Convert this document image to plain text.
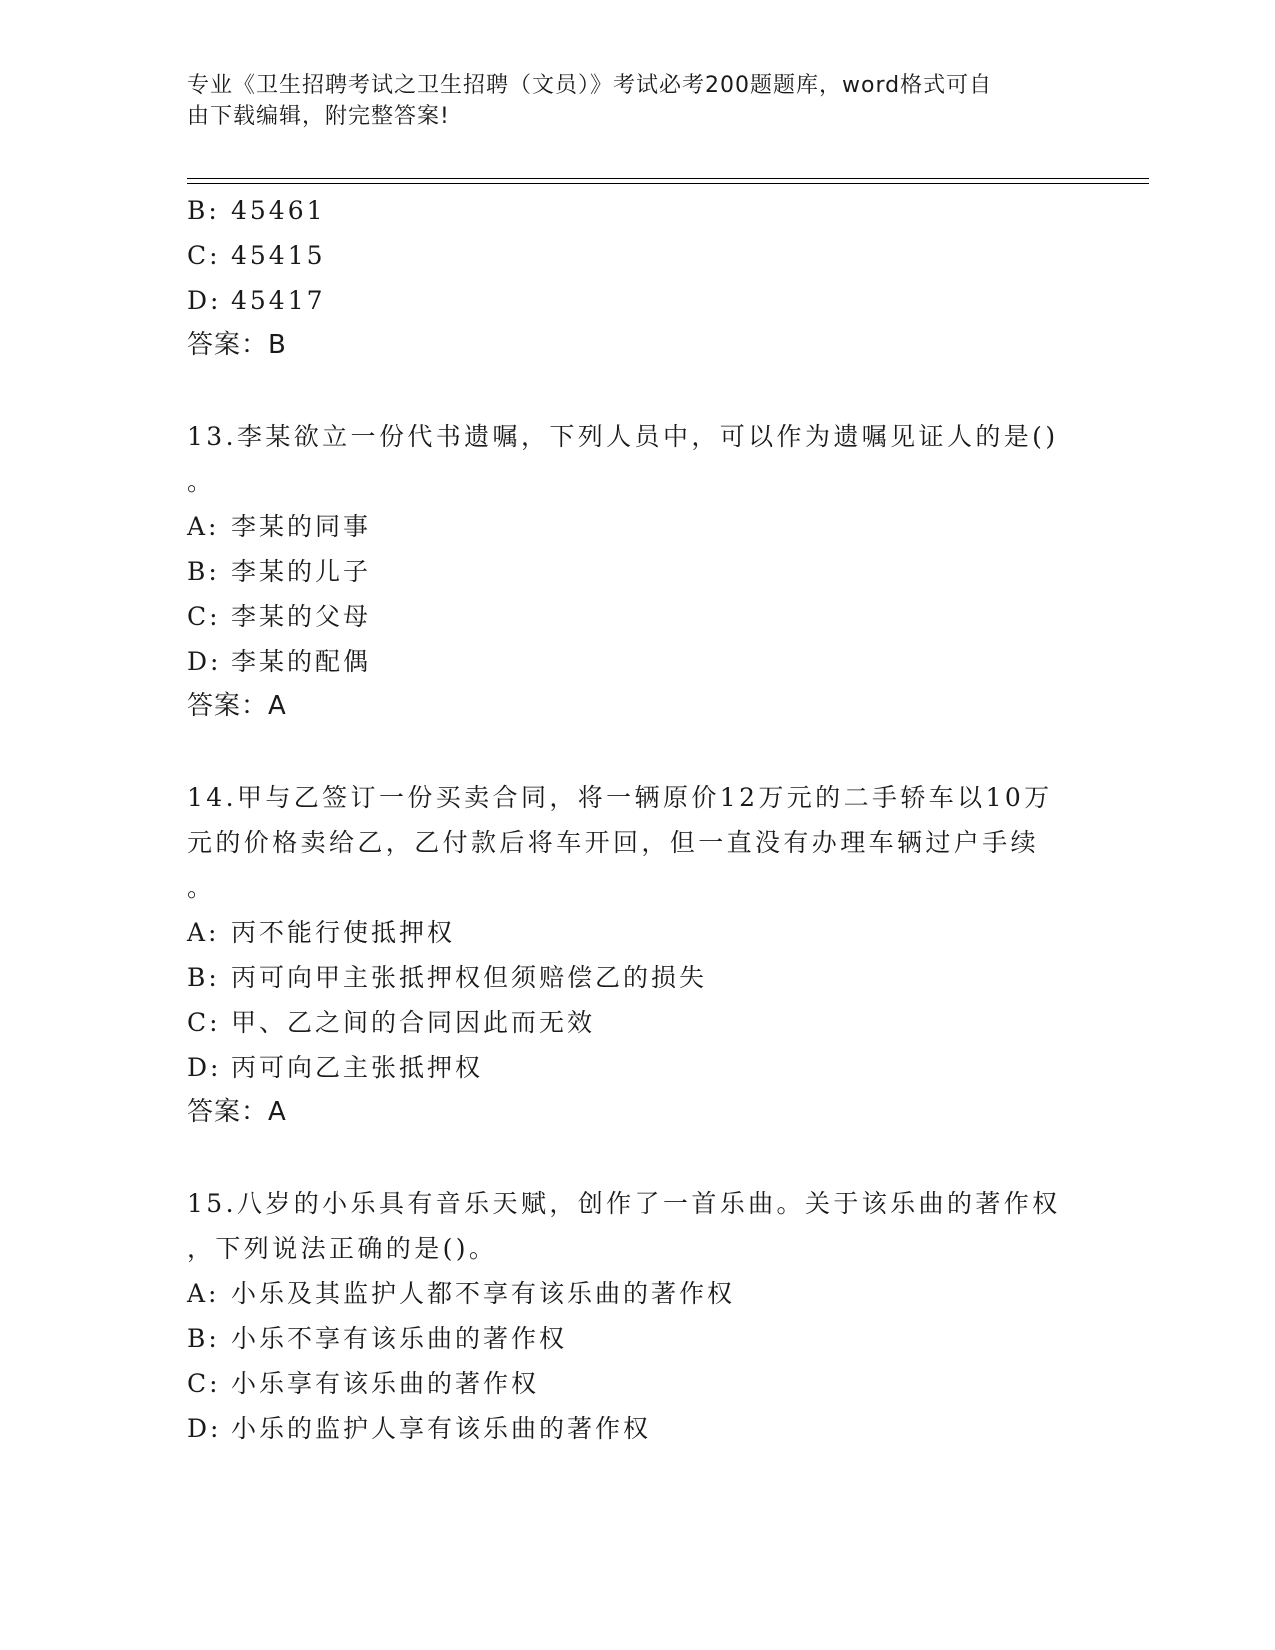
专业《卫生招聘考试之卫生招聘（文员）》考试必考200题题库，word格式可自
由下载编辑，附完整答案!
B: 45461
C: 45415
D: 45417
答案：B
13.李某欲立一份代书遗嘱，下列人员中，可以作为遗嘱见证人的是()
。
A: 李某的同事
B: 李某的儿子
C: 李某的父母
D: 李某的配偶
答案：A
14.甲与乙签订一份买卖合同，将一辆原价12万元的二手轿车以10万
元的价格卖给乙，乙付款后将车开回，但一直没有办理车辆过户手续
。
A: 丙不能行使抵押权
B: 丙可向甲主张抵押权但须赔偿乙的损失
C: 甲、乙之间的合同因此而无效
D: 丙可向乙主张抵押权
答案：A
15.八岁的小乐具有音乐天赋，创作了一首乐曲。关于该乐曲的著作权
，下列说法正确的是()。
A: 小乐及其监护人都不享有该乐曲的著作权
B: 小乐不享有该乐曲的著作权
C: 小乐享有该乐曲的著作权
D: 小乐的监护人享有该乐曲的著作权
